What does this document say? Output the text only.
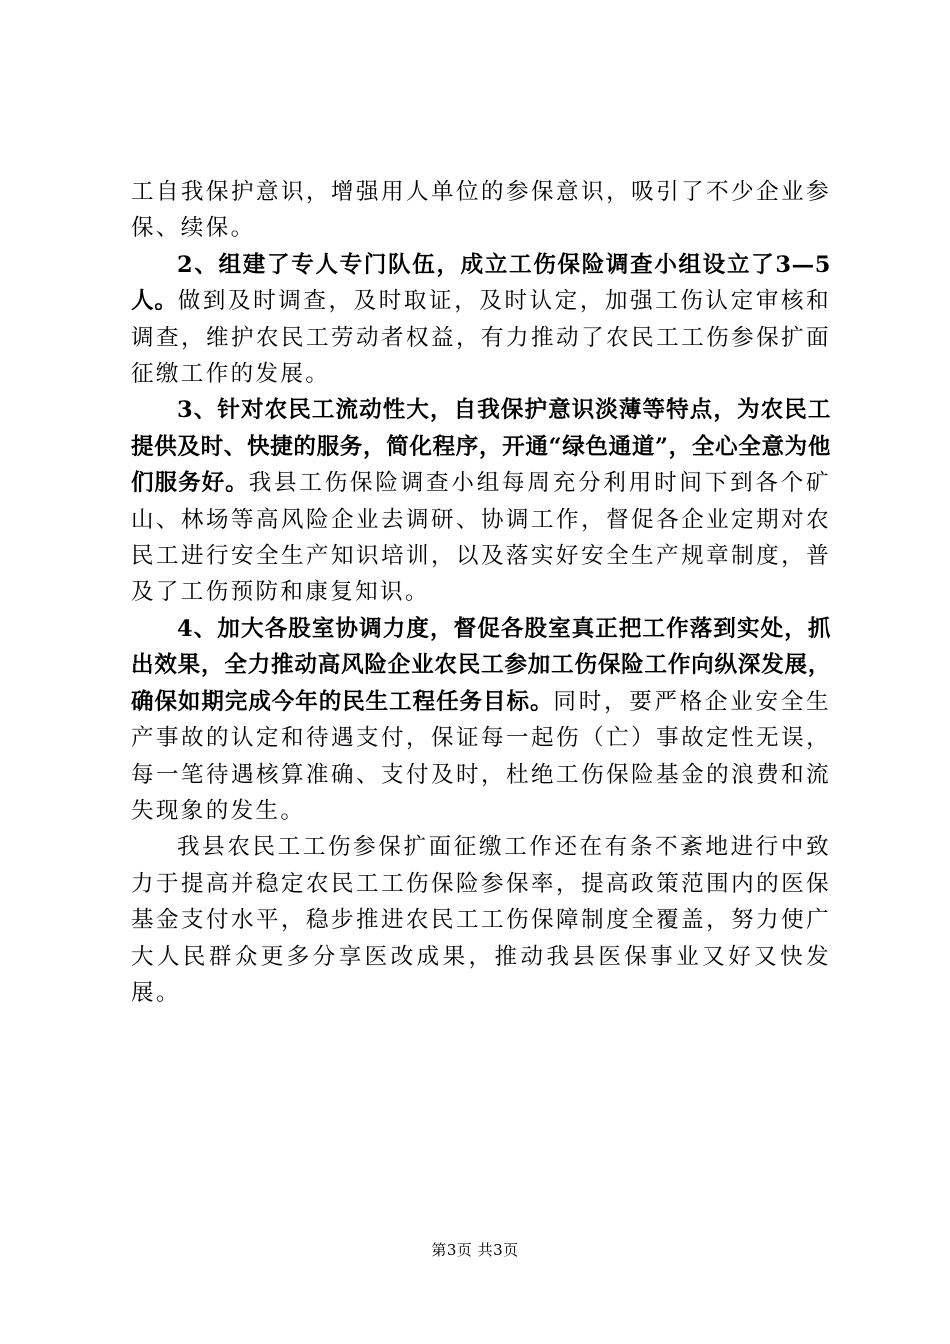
工自我保护意识，增强用人单位的参保意识，吸引了不少企业参保、续保。

2、组建了专人专门队伍，成立工伤保险调查小组设立了3—5人。做到及时调查，及时取证，及时认定，加强工伤认定审核和调查，维护农民工劳动者权益，有力推动了农民工工伤参保扩面征缴工作的发展。

3、针对农民工流动性大，自我保护意识淡薄等特点，为农民工提供及时、快捷的服务，简化程序，开通“绿色通道”，全心全意为他们服务好。我县工伤保险调查小组每周充分利用时间下到各个矿山、林场等高风险企业去调研、协调工作，督促各企业定期对农民工进行安全生产知识培训，以及落实好安全生产规章制度，普及了工伤预防和康复知识。

4、加大各股室协调力度，督促各股室真正把工作落到实处，抓出效果，全力推动高风险企业农民工参加工伤保险工作向纵深发展，确保如期完成今年的民生工程任务目标。同时，要严格企业安全生产事故的认定和待遇支付，保证每一起伤（亡）事故定性无误，每一笔待遇核算准确、支付及时，杜绝工伤保险基金的浪费和流失现象的发生。

我县农民工工伤参保扩面征缴工作还在有条不紊地进行中致力于提高并稳定农民工工伤保险参保率，提高政策范围内的医保基金支付水平，稳步推进农民工工伤保障制度全覆盖，努力使广大人民群众更多分享医改成果，推动我县医保事业又好又快发展。

第3页 共3页
